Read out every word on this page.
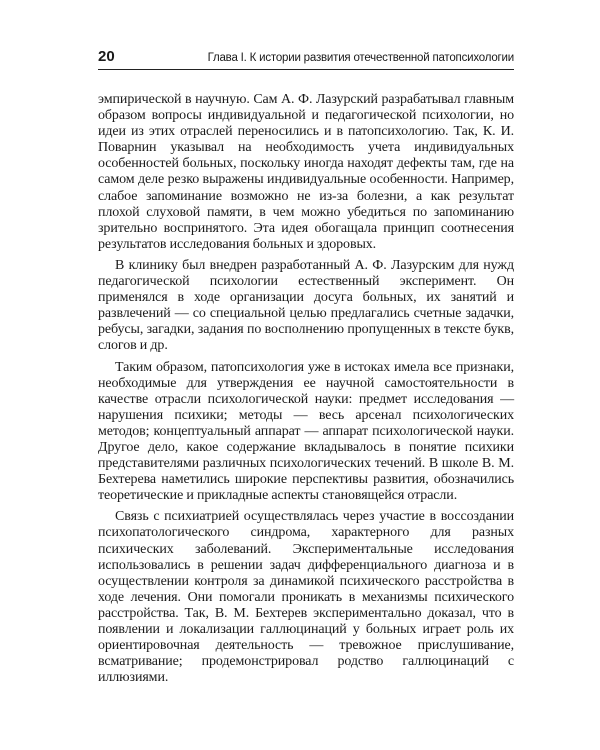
20	Глава I. К истории развития отечественной патопсихологии

эмпирической в научную. Сам А. Ф. Лазурский разрабатывал главным образом вопросы индивидуальной и педагогической психологии, но идеи из этих отраслей переносились и в патопсихологию. Так, К. И. Поварнин указывал на необходимость учета индивидуальных особенностей больных, поскольку иногда находят дефекты там, где на самом деле резко выражены индивидуальные особенности. Например, слабое запоминание возможно не из-за болезни, а как результат плохой слуховой памяти, в чем можно убедиться по запоминанию зрительно воспринятого. Эта идея обогащала принцип соотнесения результатов исследования больных и здоровых.

В клинику был внедрен разработанный А. Ф. Лазурским для нужд педагогической психологии естественный эксперимент. Он применялся в ходе организации досуга больных, их занятий и развлечений — со специальной целью предлагались счетные задачки, ребусы, загадки, задания по восполнению пропущенных в тексте букв, слогов и др.

Таким образом, патопсихология уже в истоках имела все признаки, необходимые для утверждения ее научной самостоятельности в качестве отрасли психологической науки: предмет исследования — нарушения психики; методы — весь арсенал психологических методов; концептуальный аппарат — аппарат психологической науки. Другое дело, какое содержание вкладывалось в понятие психики представителями различных психологических течений. В школе В. М. Бехтерева наметились широкие перспективы развития, обозначились теоретические и прикладные аспекты становящейся отрасли.

Связь с психиатрией осуществлялась через участие в воссоздании психопатологического синдрома, характерного для разных психических заболеваний. Экспериментальные исследования использовались в решении задач дифференциального диагноза и в осуществлении контроля за динамикой психического расстройства в ходе лечения. Они помогали проникать в механизмы психического расстройства. Так, В. М. Бехтерев экспериментально доказал, что в появлении и локализации галлюцинаций у больных играет роль их ориентировочная деятельность — тревожное прислушивание, всматривание; продемонстрировал родство галлюцинаций с иллюзиями.
